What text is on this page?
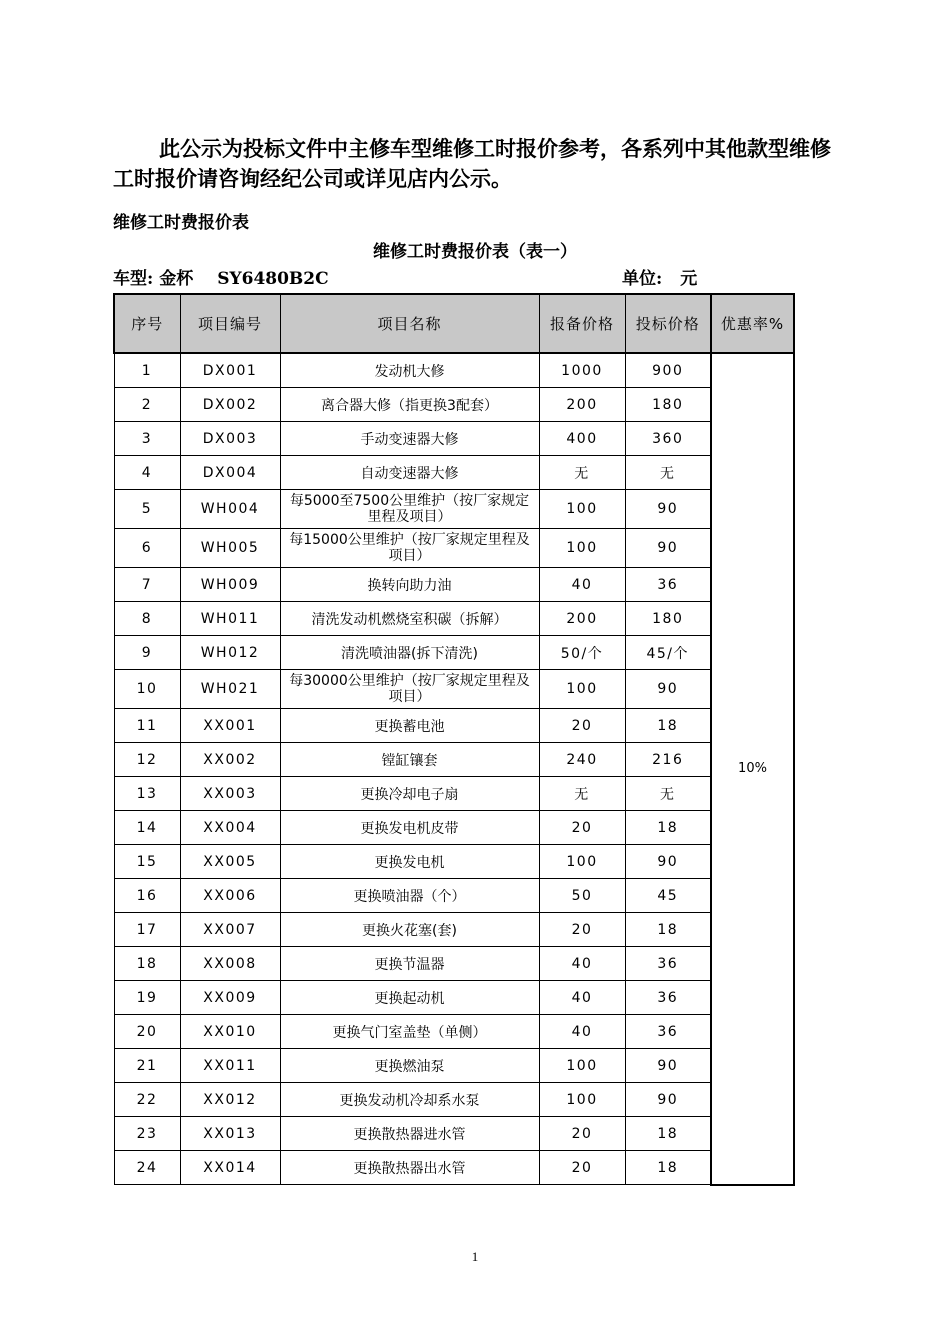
此公示为投标文件中主修车型维修工时报价参考，各系列中其他款型维修工时报价请咨询经纪公司或详见店内公示。

维修工时费报价表

维修工时费报价表（表一）

车型: 金杯 SY6480B2C	单位: 元
序号	项目编号	项目名称	报备价格	投标价格	优惠率%
1	DX001	发动机大修	1000	900	10%
2	DX002	离合器大修（指更换3配套）	200	180	
3	DX003	手动变速器大修	400	360	
4	DX004	自动变速器大修	无	无	
5	WH004	每5000至7500公里维护（按厂家规定里程及项目）	100	90	
6	WH005	每15000公里维护（按厂家规定里程及项目）	100	90	
7	WH009	换转向助力油	40	36	
8	WH011	清洗发动机燃烧室积碳（拆解）	200	180	
9	WH012	清洗喷油器(拆下清洗)	50/个	45/个	
10	WH021	每30000公里维护（按厂家规定里程及项目）	100	90	
11	XX001	更换蓄电池	20	18	
12	XX002	镗缸镶套	240	216	
13	XX003	更换冷却电子扇	无	无	
14	XX004	更换发电机皮带	20	18	
15	XX005	更换发电机	100	90	
16	XX006	更换喷油器（个）	50	45	
17	XX007	更换火花塞(套)	20	18	
18	XX008	更换节温器	40	36	
19	XX009	更换起动机	40	36	
20	XX010	更换气门室盖垫（单侧）	40	36	
21	XX011	更换燃油泵	100	90	
22	XX012	更换发动机冷却系水泵	100	90	
23	XX013	更换散热器进水管	20	18	
24	XX014	更换散热器出水管	20	18	
1
